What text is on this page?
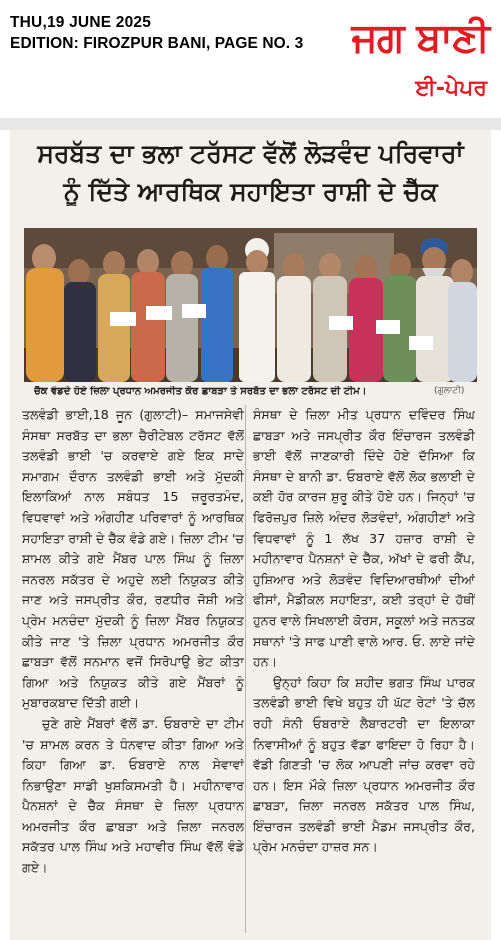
THU,19 JUNE 2025
EDITION: FIROZPUR BANI, PAGE NO. 3 ਜਗ ਬਾਣੀ
ਈ-ਪੇਪਰ
ਸਰਬੱਤ ਦਾ ਭਲਾ ਟਰੱਸਟ ਵੱਲੋਂ ਲੋੜਵੰਦ ਪਰਿਵਾਰਾਂ
ਨੂੰ ਦਿੱਤੇ ਆਰਥਿਕ ਸਹਾਇਤਾ ਰਾਸ਼ੀ ਦੇ ਚੈੱਕ
ਚੈੱਕ ਵੰਡਦੇ ਹੋਏ ਜ਼ਿਲਾ ਪ੍ਰਧਾਨ ਅਮਰਜੀਤ ਕੌਰ ਛਾਬੜਾ ਤੇ ਸਰਬੱਤ ਦਾ ਭਲਾ ਟਰੱਸਟ ਦੀ ਟੀਮ।	(ਗੁਲਾਟੀ)

ਤਲਵੰਡੀ ਭਾਈ,18 ਜੂਨ (ਗੁਲਾਟੀ)– ਸਮਾਜਸੇਵੀ ਸੰਸਥਾ ਸਰਬੱਤ ਦਾ ਭਲਾ ਚੈਰੀਟੇਬਲ ਟਰੱਸਟ ਵੱਲੋਂ ਤਲਵੰਡੀ ਭਾਈ 'ਚ ਕਰਵਾਏ ਗਏ ਇਕ ਸਾਦੇ ਸਮਾਗਮ ਦੌਰਾਨ ਤਲਵੰਡੀ ਭਾਈ ਅਤੇ ਮੁੱਦਕੀ ਇਲਾਕਿਆਂ ਨਾਲ ਸਬੰਧਤ 15 ਜ਼ਰੂਰਤਮੰਦ, ਵਿਧਵਾਵਾਂ ਅਤੇ ਅੰਗਹੀਣ ਪਰਿਵਾਰਾਂ ਨੂੰ ਆਰਥਿਕ ਸਹਾਇਤਾ ਰਾਸ਼ੀ ਦੇ ਚੈੱਕ ਵੰਡੇ ਗਏ। ਜ਼ਿਲਾ ਟੀਮ 'ਚ ਸ਼ਾਮਲ ਕੀਤੇ ਗਏ ਮੈਂਬਰ ਪਾਲ ਸਿੰਘ ਨੂੰ ਜ਼ਿਲਾ ਜਨਰਲ ਸਕੱਤਰ ਦੇ ਅਹੁਦੇ ਲਈ ਨਿਯੁਕਤ ਕੀਤੇ ਜਾਣ ਅਤੇ ਜਸਪ੍ਰੀਤ ਕੌਰ, ਰਣਧੀਰ ਜੋਸ਼ੀ ਅਤੇ ਪ੍ਰੇਮ ਮਨਚੰਦਾ ਮੁੱਦਕੀ ਨੂੰ ਜ਼ਿਲਾ ਮੈਂਬਰ ਨਿਯੁਕਤ ਕੀਤੇ ਜਾਣ 'ਤੇ ਜ਼ਿਲਾ ਪ੍ਰਧਾਨ ਅਮਰਜੀਤ ਕੌਰ ਛਾਬੜਾ ਵੱਲੋਂ ਸਨਮਾਨ ਵਜੋਂ ਸਿਰੋਪਾਉ ਭੇਟ ਕੀਤਾ ਗਿਆ ਅਤੇ ਨਿਯੁਕਤ ਕੀਤੇ ਗਏ ਮੈਂਬਰਾਂ ਨੂੰ ਮੁਬਾਰਕਬਾਦ ਦਿੱਤੀ ਗਈ।

ਚੁਣੇ ਗਏ ਮੈਂਬਰਾਂ ਵੱਲੋਂ ਡਾ. ਓਬਰਾਏ ਦਾ ਟੀਮ 'ਚ ਸ਼ਾਮਲ ਕਰਨ ਤੇ ਧੰਨਵਾਦ ਕੀਤਾ ਗਿਆ ਅਤੇ ਕਿਹਾ ਗਿਆ ਡਾ. ਓਬਰਾਏ ਨਾਲ ਸੇਵਾਵਾਂ ਨਿਭਾਉਣਾ ਸਾਡੀ ਖੁਸ਼ਕਿਸਮਤੀ ਹੈ। ਮਹੀਨਾਵਾਰ ਪੈਨਸ਼ਨਾਂ ਦੇ ਚੈੱਕ ਸੰਸਥਾ ਦੇ ਜ਼ਿਲਾ ਪ੍ਰਧਾਨ ਅਮਰਜੀਤ ਕੌਰ ਛਾਬੜਾ ਅਤੇ ਜ਼ਿਲਾ ਜਨਰਲ ਸਕੱਤਰ ਪਾਲ ਸਿੰਘ ਅਤੇ ਮਹਾਵੀਰ ਸਿੰਘ ਵੱਲੋਂ ਵੰਡੇ ਗਏ।

ਸੰਸਥਾ ਦੇ ਜ਼ਿਲਾ ਮੀਤ ਪ੍ਰਧਾਨ ਦਵਿੰਦਰ ਸਿੰਘ ਛਾਬੜਾ ਅਤੇ ਜਸਪ੍ਰੀਤ ਕੌਰ ਇੰਚਾਰਜ ਤਲਵੰਡੀ ਭਾਈ ਵੱਲੋਂ ਜਾਣਕਾਰੀ ਦਿੰਦੇ ਹੋਏ ਦੱਸਿਆ ਕਿ ਸੰਸਥਾ ਦੇ ਬਾਨੀ ਡਾ. ਓਬਰਾਏ ਵੱਲੋਂ ਲੋਕ ਭਲਾਈ ਦੇ ਕਈ ਹੋਰ ਕਾਰਜ ਸ਼ੁਰੂ ਕੀਤੇ ਹੋਏ ਹਨ। ਜਿਨ੍ਹਾਂ 'ਚ ਫਿਰੋਜ਼ਪੁਰ ਜ਼ਿਲੇ ਅੰਦਰ ਲੋੜਵੰਦਾਂ, ਅੰਗਹੀਣਾਂ ਅਤੇ ਵਿਧਵਾਵਾਂ ਨੂੰ 1 ਲੱਖ 37 ਹਜ਼ਾਰ ਰਾਸ਼ੀ ਦੇ ਮਹੀਨਾਵਾਰ ਪੈਨਸ਼ਨਾਂ ਦੇ ਚੈੱਕ, ਅੱਖਾਂ ਦੇ ਫਰੀ ਕੈਂਪ, ਹੁਸ਼ਿਆਰ ਅਤੇ ਲੋੜਵੰਦ ਵਿਦਿਆਰਥੀਆਂ ਦੀਆਂ ਫੀਸਾਂ, ਮੈਡੀਕਲ ਸਹਾਇਤਾ, ਕਈ ਤਰ੍ਹਾਂ ਦੇ ਹੱਥੀਂ ਹੁਨਰ ਵਾਲੇ ਸਿਖਲਾਈ ਕੋਰਸ, ਸਕੂਲਾਂ ਅਤੇ ਜਨਤਕ ਸਥਾਨਾਂ 'ਤੇ ਸਾਫ ਪਾਣੀ ਵਾਲੇ ਆਰ. ਓ. ਲਾਏ ਜਾਂਦੇ ਹਨ।

ਉਨ੍ਹਾਂ ਕਿਹਾ ਕਿ ਸ਼ਹੀਦ ਭਗਤ ਸਿੰਘ ਪਾਰਕ ਤਲਵੰਡੀ ਭਾਈ ਵਿਖੇ ਬਹੁਤ ਹੀ ਘੱਟ ਰੇਟਾਂ 'ਤੇ ਚੱਲ ਰਹੀ ਸੰਨੀ ਓਬਰਾਏ ਲੈਬਾਰਟਰੀ ਦਾ ਇਲਾਕਾ ਨਿਵਾਸੀਆਂ ਨੂੰ ਬਹੁਤ ਵੱਡਾ ਫਾਇਦਾ ਹੋ ਰਿਹਾ ਹੈ। ਵੱਡੀ ਗਿਣਤੀ 'ਚ ਲੋਕ ਆਪਣੀ ਜਾਂਚ ਕਰਵਾ ਰਹੇ ਹਨ। ਇਸ ਮੌਕੇ ਜ਼ਿਲਾ ਪ੍ਰਧਾਨ ਅਮਰਜੀਤ ਕੌਰ ਛਾਬੜਾ, ਜ਼ਿਲਾ ਜਨਰਲ ਸਕੱਤਰ ਪਾਲ ਸਿੰਘ, ਇੰਚਾਰਜ ਤਲਵੰਡੀ ਭਾਈ ਮੈਡਮ ਜਸਪ੍ਰੀਤ ਕੌਰ, ਪ੍ਰੇਮ ਮਨਚੰਦਾ ਹਾਜ਼ਰ ਸਨ।
